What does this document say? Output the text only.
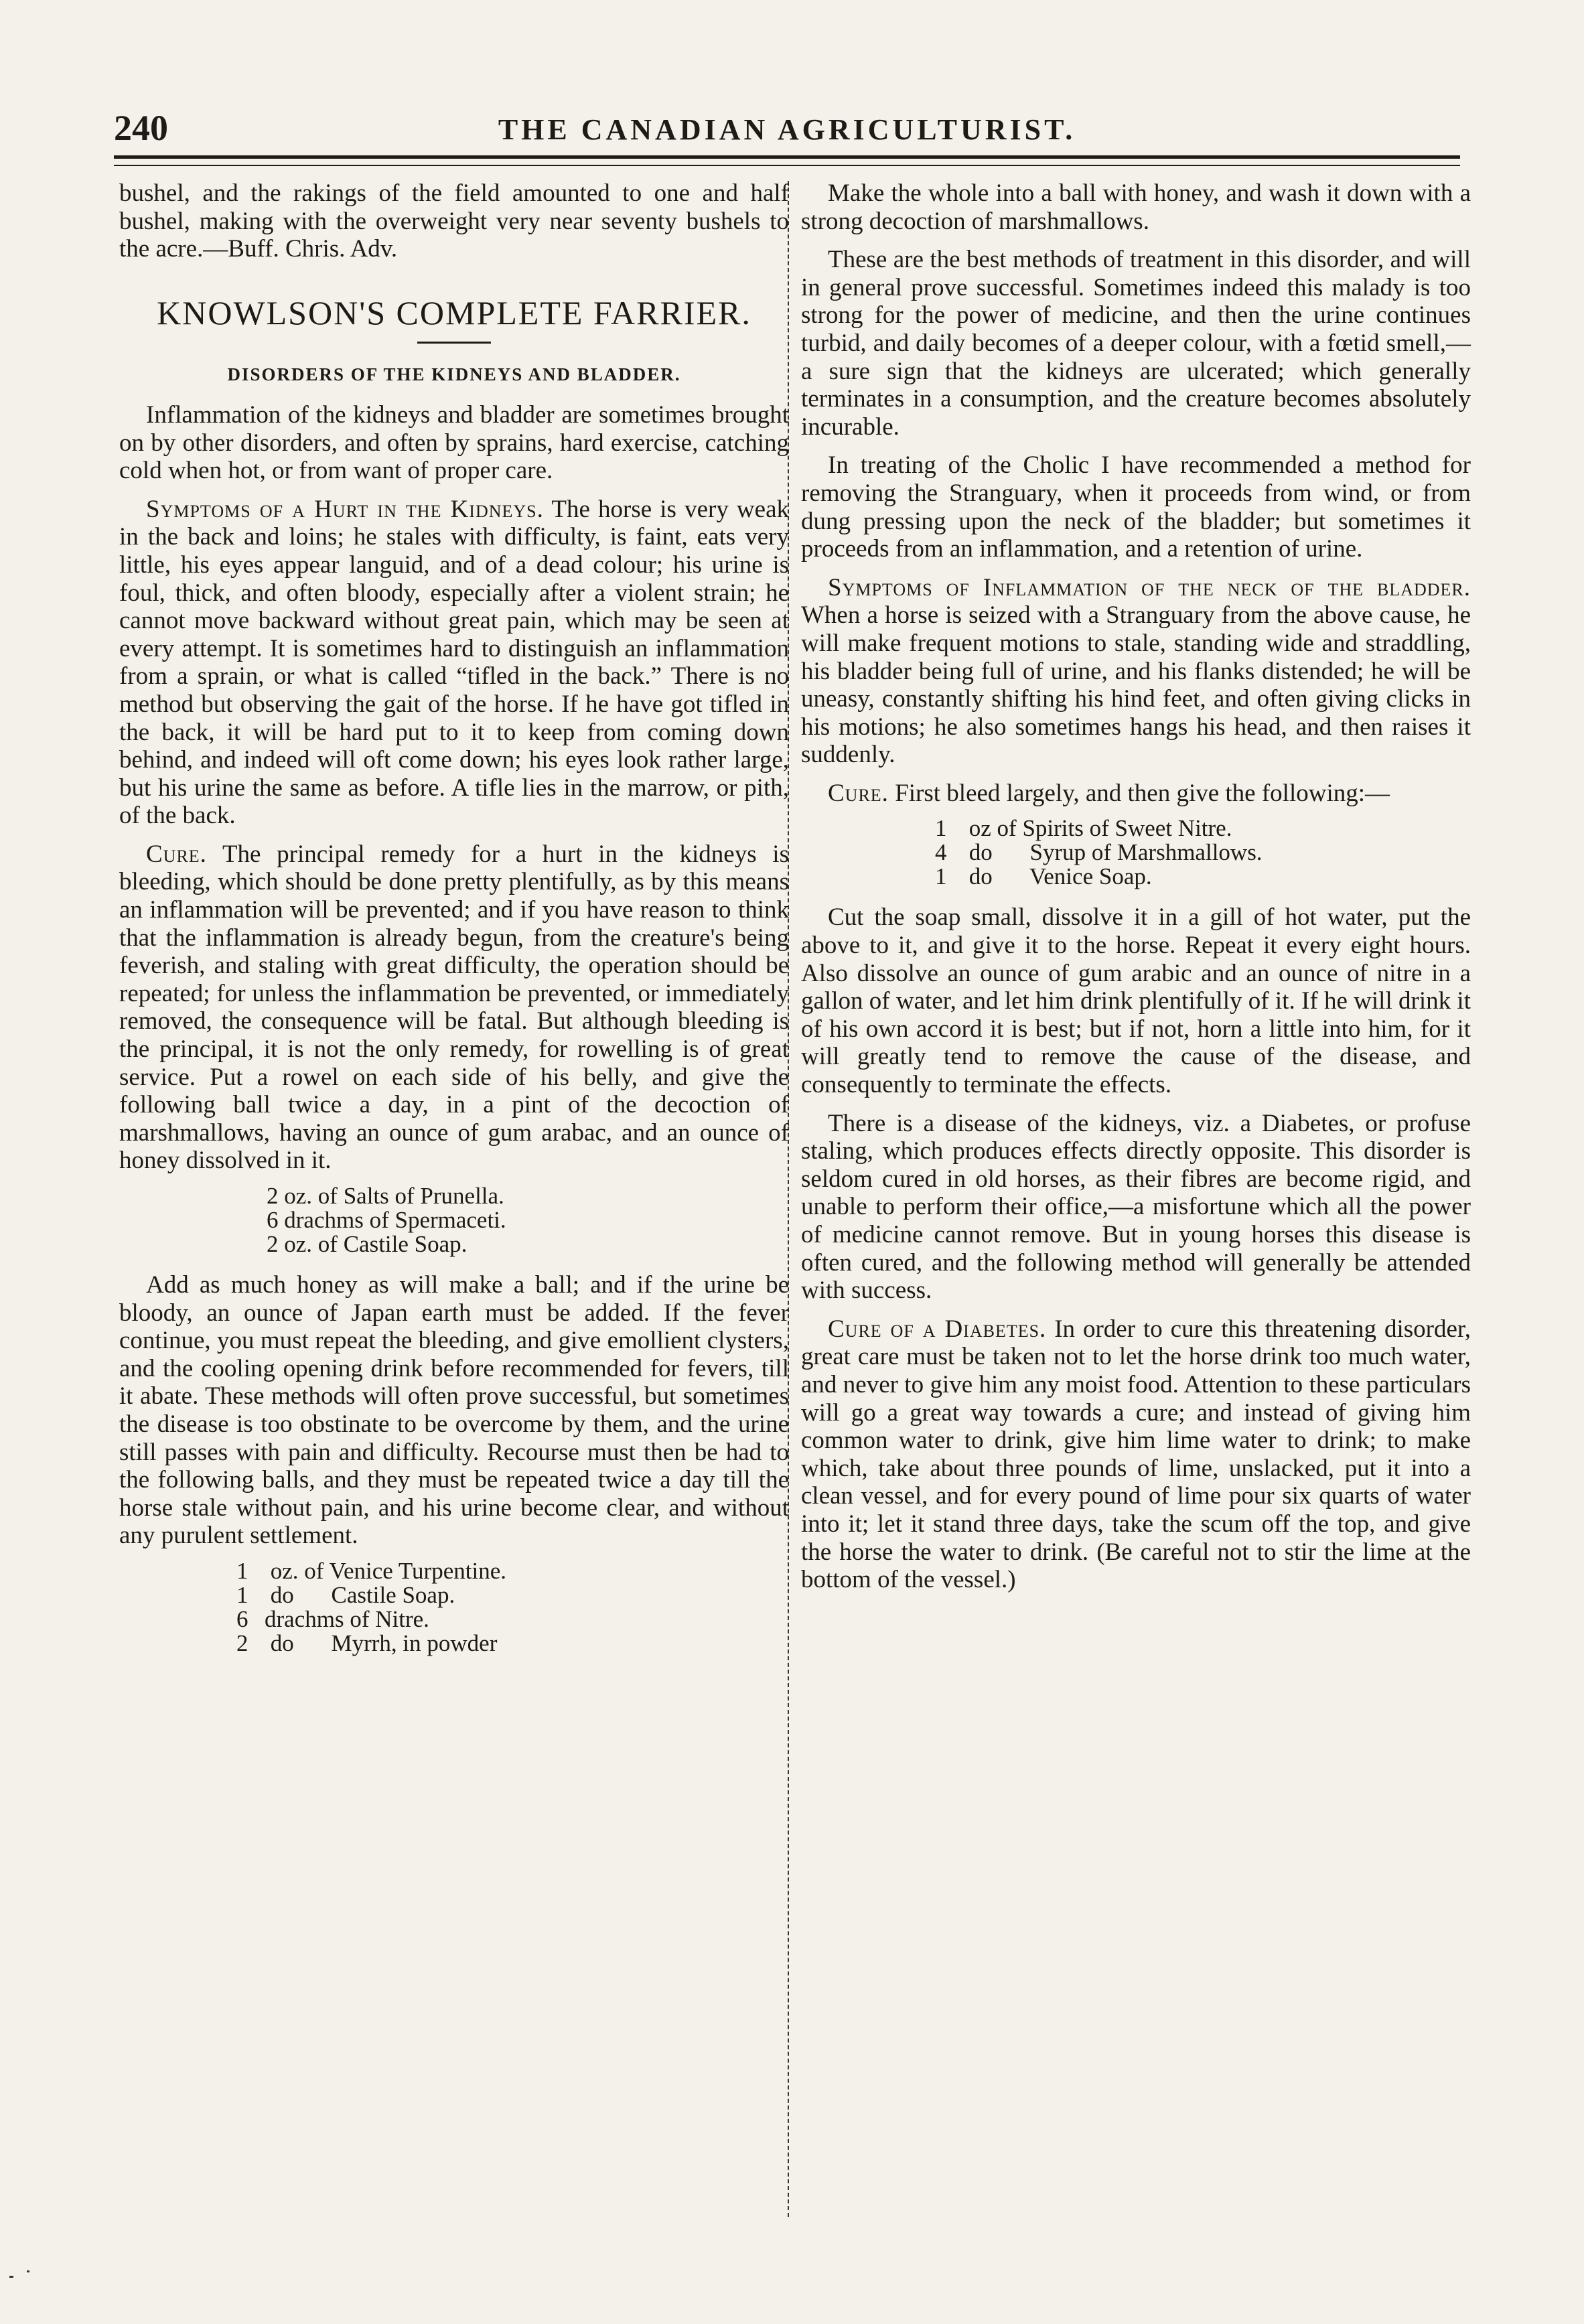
240	THE CANADIAN AGRICULTURIST.

bushel, and the rakings of the field amounted to one and half bushel, making with the overweight very near seventy bushels to the acre.—Buff. Chris. Adv.

KNOWLSON'S COMPLETE FARRIER.
DISORDERS OF THE KIDNEYS AND BLADDER.

Inflammation of the kidneys and bladder are sometimes brought on by other disorders, and often by sprains, hard exercise, catching cold when hot, or from want of proper care.

Symptoms of a Hurt in the Kidneys. The horse is very weak in the back and loins; he stales with difficulty, is faint, eats very little, his eyes appear languid, and of a dead colour; his urine is foul, thick, and often bloody, especially after a violent strain; he cannot move backward without great pain, which may be seen at every attempt. It is sometimes hard to distinguish an inflammation from a sprain, or what is called “tifled in the back.” There is no method but observing the gait of the horse. If he have got tifled in the back, it will be hard put to it to keep from coming down behind, and indeed will oft come down; his eyes look rather large, but his urine the same as before. A tifle lies in the marrow, or pith, of the back.

Cure. The principal remedy for a hurt in the kidneys is bleeding, which should be done pretty plentifully, as by this means an inflammation will be prevented; and if you have reason to think that the inflammation is already begun, from the creature's being feverish, and staling with great difficulty, the operation should be repeated; for unless the inflammation be prevented, or immediately removed, the consequence will be fatal. But although bleeding is the principal, it is not the only remedy, for rowelling is of great service. Put a rowel on each side of his belly, and give the following ball twice a day, in a pint of the decoction of marshmallows, having an ounce of gum arabac, and an ounce of honey dissolved in it.

2 oz. of Salts of Prunella.
6 drachms of Spermaceti.
2 oz. of Castile Soap.

Add as much honey as will make a ball; and if the urine be bloody, an ounce of Japan earth must be added. If the fever continue, you must repeat the bleeding, and give emollient clysters, and the cooling opening drink before recommended for fevers, till it abate. These methods will often prove successful, but sometimes the disease is too obstinate to be overcome by them, and the urine still passes with pain and difficulty. Recourse must then be had to the following balls, and they must be repeated twice a day till the horse stale without pain, and his urine become clear, and without any purulent settlement.

1 oz. of Venice Turpentine.
1 do Castile Soap.
6 drachms of Nitre.
2 do Myrrh, in powder

Make the whole into a ball with honey, and wash it down with a strong decoction of marshmallows.

These are the best methods of treatment in this disorder, and will in general prove successful. Sometimes indeed this malady is too strong for the power of medicine, and then the urine continues turbid, and daily becomes of a deeper colour, with a fœtid smell,—a sure sign that the kidneys are ulcerated; which generally terminates in a consumption, and the creature becomes absolutely incurable.

In treating of the Cholic I have recommended a method for removing the Stranguary, when it proceeds from wind, or from dung pressing upon the neck of the bladder; but sometimes it proceeds from an inflammation, and a retention of urine.

Symptoms of Inflammation of the neck of the bladder. When a horse is seized with a Stranguary from the above cause, he will make frequent motions to stale, standing wide and straddling, his bladder being full of urine, and his flanks distended; he will be uneasy, constantly shifting his hind feet, and often giving clicks in his motions; he also sometimes hangs his head, and then raises it suddenly.

Cure. First bleed largely, and then give the following:—

1 oz of Spirits of Sweet Nitre.
4 do Syrup of Marshmallows.
1 do Venice Soap.

Cut the soap small, dissolve it in a gill of hot water, put the above to it, and give it to the horse. Repeat it every eight hours. Also dissolve an ounce of gum arabic and an ounce of nitre in a gallon of water, and let him drink plentifully of it. If he will drink it of his own accord it is best; but if not, horn a little into him, for it will greatly tend to remove the cause of the disease, and consequently to terminate the effects.

There is a disease of the kidneys, viz. a Diabetes, or profuse staling, which produces effects directly opposite. This disorder is seldom cured in old horses, as their fibres are become rigid, and unable to perform their office,—a misfortune which all the power of medicine cannot remove. But in young horses this disease is often cured, and the following method will generally be attended with success.

Cure of a Diabetes. In order to cure this threatening disorder, great care must be taken not to let the horse drink too much water, and never to give him any moist food. Attention to these particulars will go a great way towards a cure; and instead of giving him common water to drink, give him lime water to drink; to make which, take about three pounds of lime, unslacked, put it into a clean vessel, and for every pound of lime pour six quarts of water into it; let it stand three days, take the scum off the top, and give the horse the water to drink. (Be careful not to stir the lime at the bottom of the vessel.)
